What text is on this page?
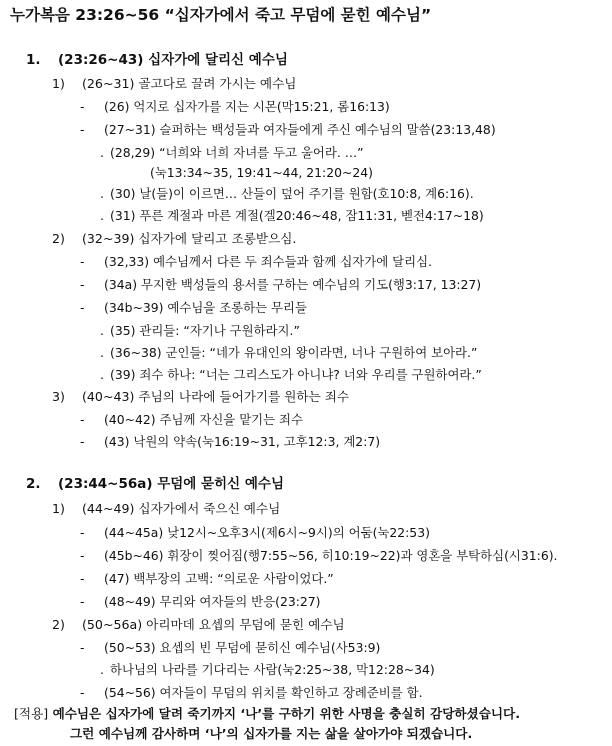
누가복음 23:26~56 “십자가에서 죽고 무덤에 묻힌 예수님”
1. (23:26~43) 십자가에 달리신 예수님
1) (26~31) 골고다로 끌려 가시는 예수님
- (26) 억지로 십자가를 지는 시몬(막15:21, 롬16:13)
- (27~31) 슬퍼하는 백성들과 여자들에게 주신 예수님의 말씀(23:13,48)
. (28,29) “너희와 너희 자녀를 두고 울어라. …”
(눅13:34~35, 19:41~44, 21:20~24)
. (30) 날(들)이 이르면… 산들이 덮어 주기를 원함(호10:8, 계6:16).
. (31) 푸른 계절과 마른 계절(겔20:46~48, 잠11:31, 벧전4:17~18)
2) (32~39) 십자가에 달리고 조롱받으심.
- (32,33) 예수님께서 다른 두 죄수들과 함께 십자가에 달리심.
- (34a) 무지한 백성들의 용서를 구하는 예수님의 기도(행3:17, 13:27)
- (34b~39) 예수님을 조롱하는 무리들
. (35) 관리들: “자기나 구원하라지.”
. (36~38) 군인들: “네가 유대인의 왕이라면, 너나 구원하여 보아라.”
. (39) 죄수 하나: “너는 그리스도가 아니냐? 너와 우리를 구원하여라.”
3) (40~43) 주님의 나라에 들어가기를 원하는 죄수
- (40~42) 주님께 자신을 맡기는 죄수
- (43) 낙원의 약속(눅16:19~31, 고후12:3, 계2:7)
2. (23:44~56a) 무덤에 묻히신 예수님
1) (44~49) 십자가에서 죽으신 예수님
- (44~45a) 낮12시~오후3시(제6시~9시)의 어둠(눅22:53)
- (45b~46) 휘장이 찢어짐(행7:55~56, 히10:19~22)과 영혼을 부탁하심(시31:6).
- (47) 백부장의 고백: “의로운 사람이었다.”
- (48~49) 무리와 여자들의 반응(23:27)
2) (50~56a) 아리마데 요셉의 무덤에 묻힌 예수님
- (50~53) 요셉의 빈 무덤에 묻히신 예수님(사53:9)
. 하나님의 나라를 기다리는 사람(눅2:25~38, 막12:28~34)
- (54~56) 여자들이 무덤의 위치를 확인하고 장례준비를 함.
[적용] 예수님은 십자가에 달려 죽기까지 ‘나’를 구하기 위한 사명을 충실히 감당하셨습니다.
그런 예수님께 감사하며 ‘나’의 십자가를 지는 삶을 살아가야 되겠습니다.
